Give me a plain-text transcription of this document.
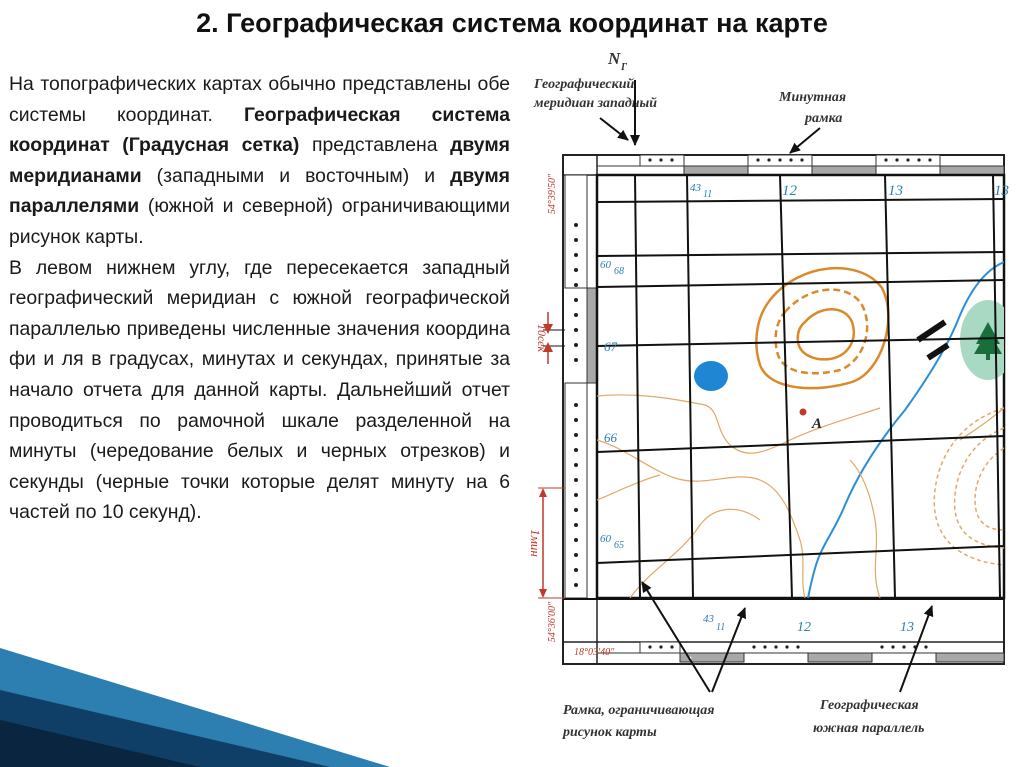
2. Географическая система координат на карте

На топографических картах обычно представлены обе системы координат. Географическая система координат (Градусная сетка) представлена двумя меридианами (западными и восточным) и двумя параллелями (южной и северной) ограничивающими рисунок карты.

В левом нижнем углу, где пересекается западный географический меридиан с южной географической параллелью приведены численные значения координа фи и ля в градусах, минутах и секундах, принятые за начало отчета для данной карты. Дальнейший отчет проводиться по рамочной шкале разделенной на минуты (чередование белых и черных отрезков) и секунды (черные точки которые делят минуту на 6 частей по 10 секунд).

43
11	12	13
60
68
67
66
60
65
43
11	12	13
13
А
54°39'50"
54°36'00"
18°03'40"
10сек
1мин
N Г
Географический
меридиан западный	Минутная
рамка
Рамка, ограничивающая
рисунок карты
Географическая
южная параллель
